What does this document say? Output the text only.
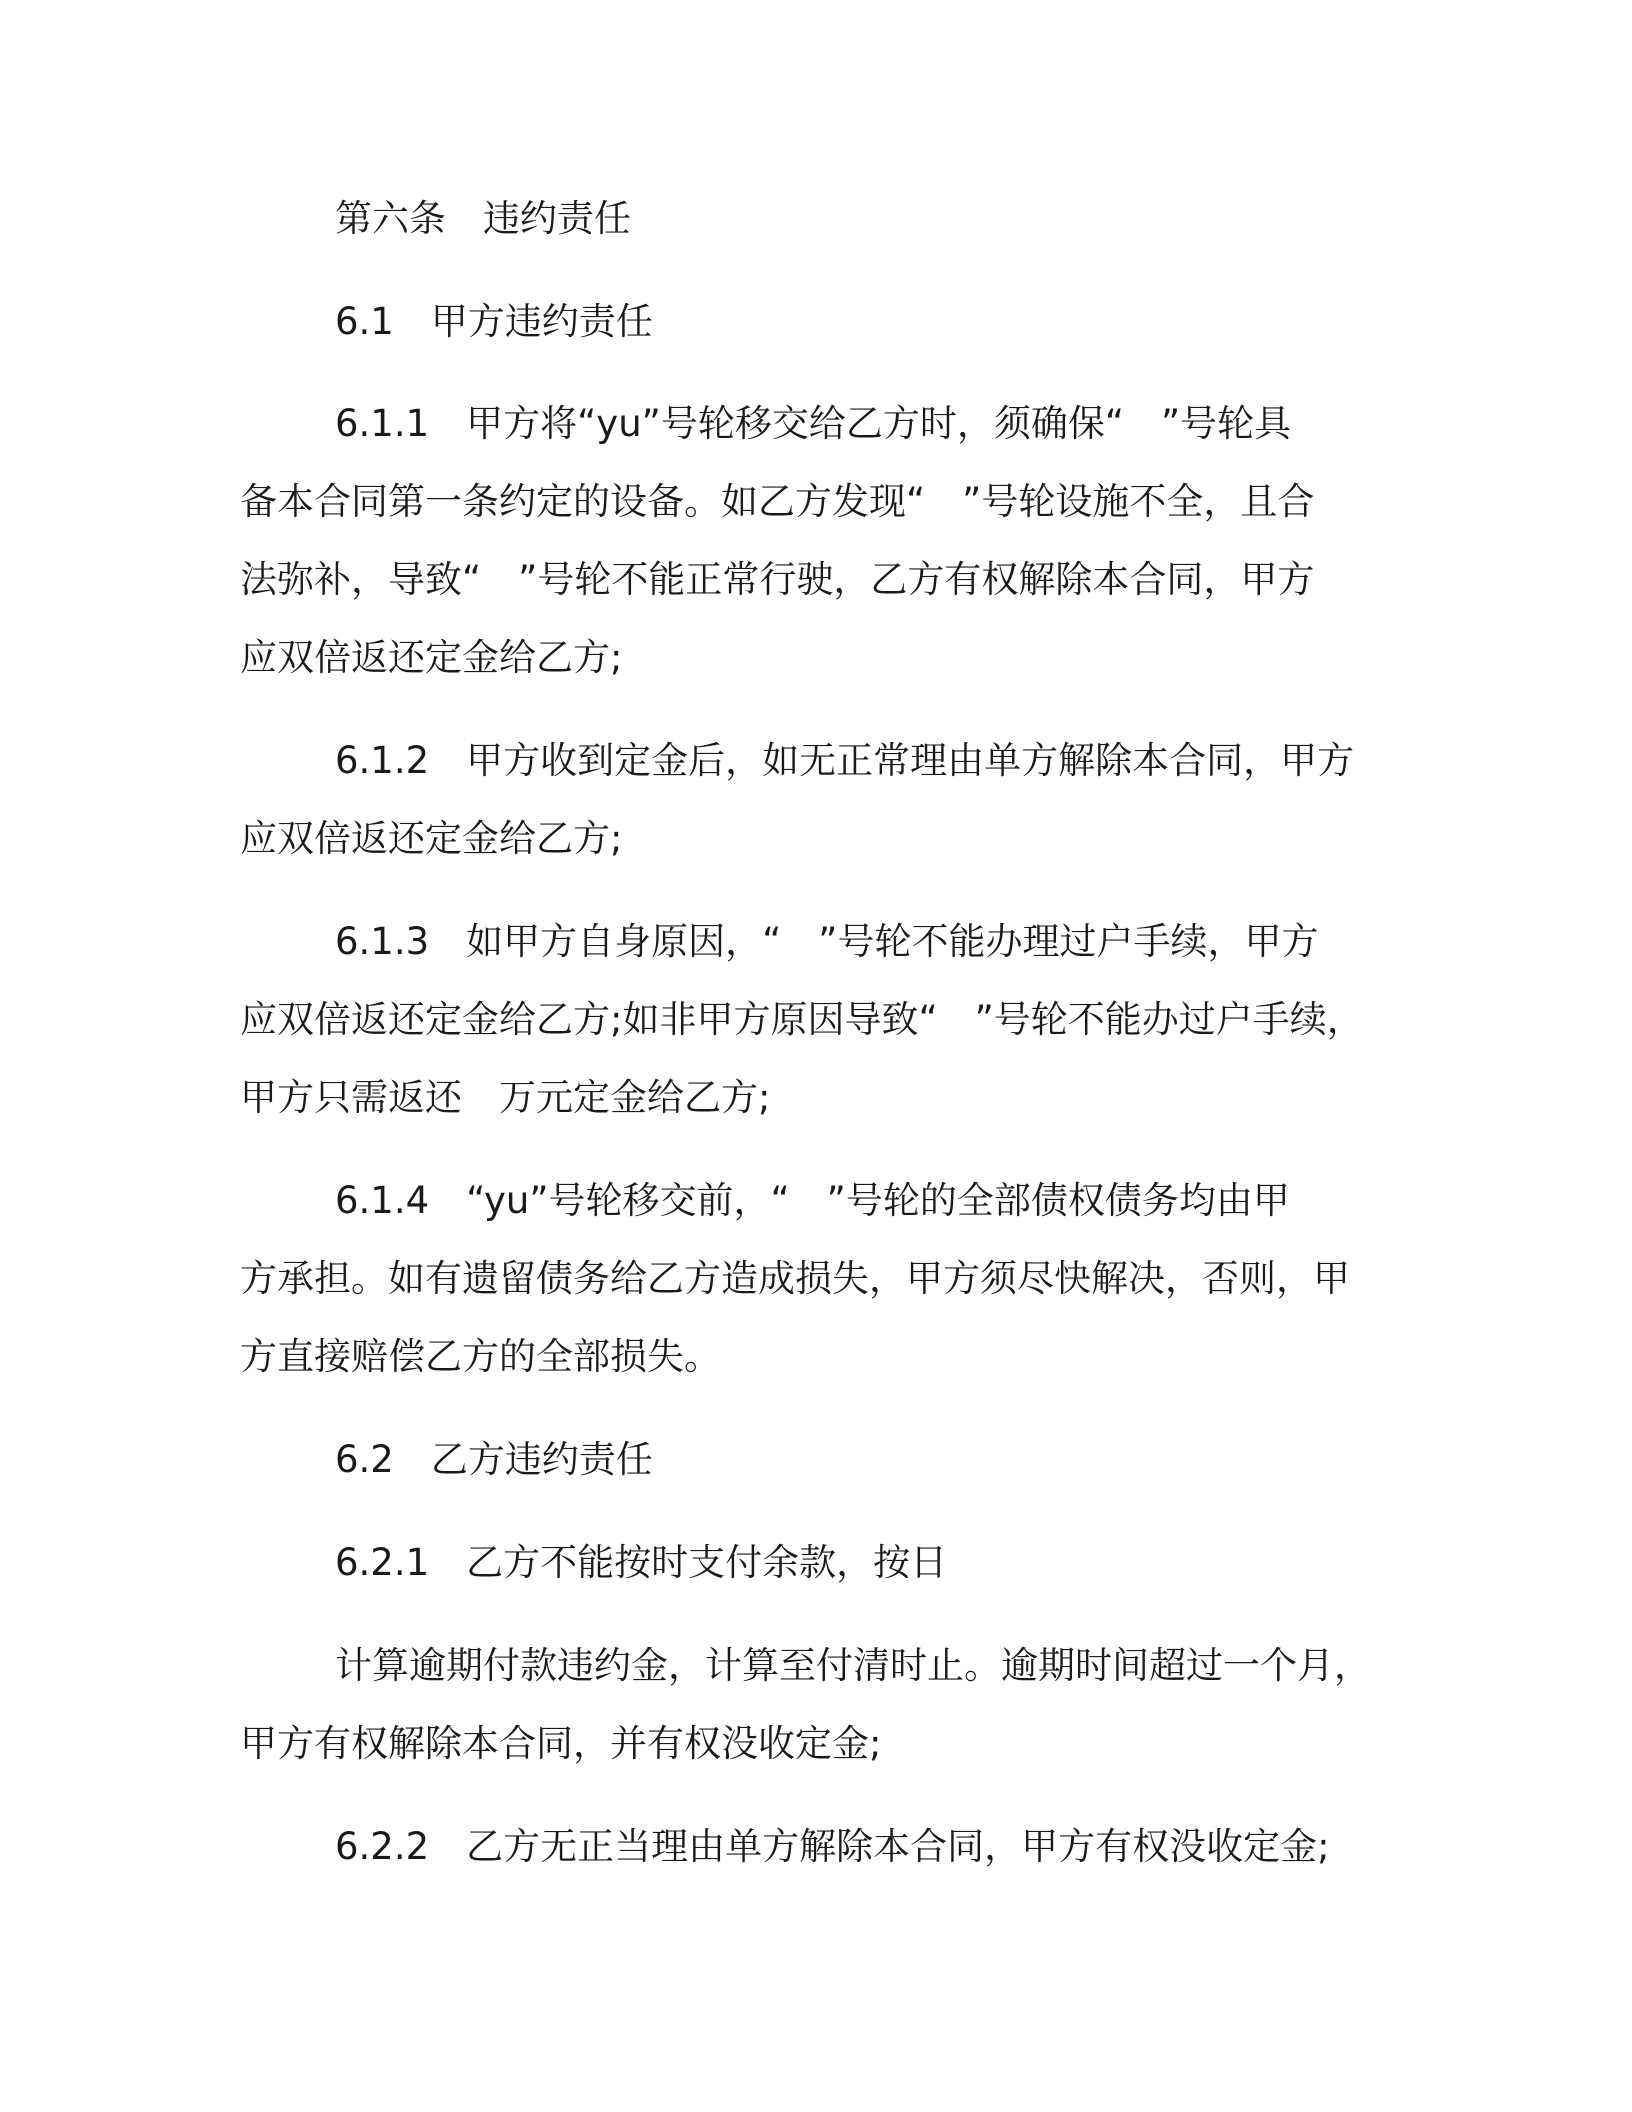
第六条　违约责任
6.1　甲方违约责任
6.1.1　甲方将“yu”号轮移交给乙方时，须确保“　”号轮具
备本合同第一条约定的设备。如乙方发现“　”号轮设施不全，且合
法弥补，导致“　”号轮不能正常行驶，乙方有权解除本合同，甲方
应双倍返还定金给乙方;
6.1.2　甲方收到定金后，如无正常理由单方解除本合同，甲方
应双倍返还定金给乙方;
6.1.3　如甲方自身原因，“　”号轮不能办理过户手续，甲方
应双倍返还定金给乙方;如非甲方原因导致“　”号轮不能办过户手续，
甲方只需返还　万元定金给乙方;
6.1.4　“yu”号轮移交前，“　”号轮的全部债权债务均由甲
方承担。如有遗留债务给乙方造成损失，甲方须尽快解决，否则，甲
方直接赔偿乙方的全部损失。
6.2　乙方违约责任
6.2.1　乙方不能按时支付余款，按日
计算逾期付款违约金，计算至付清时止。逾期时间超过一个月，
甲方有权解除本合同，并有权没收定金;
6.2.2　乙方无正当理由单方解除本合同，甲方有权没收定金;
